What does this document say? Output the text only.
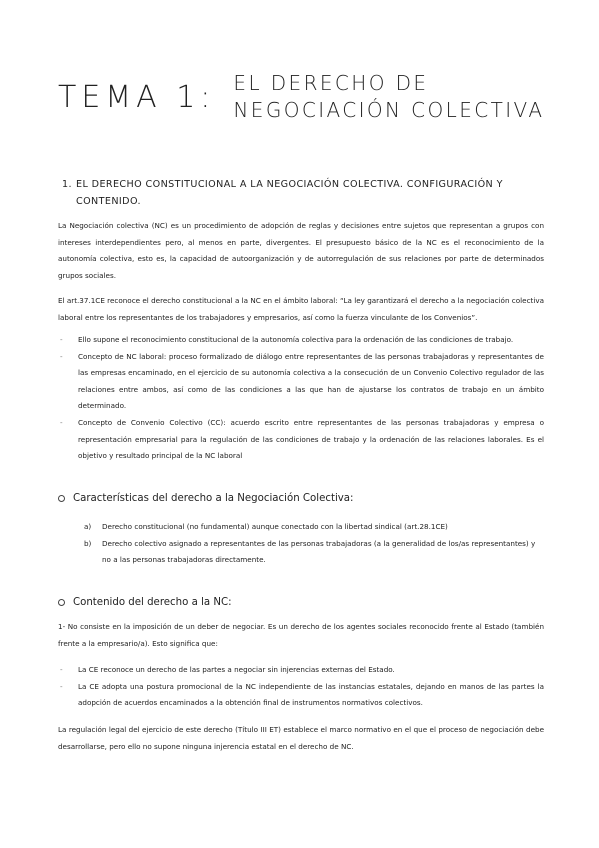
TEMA 1: EL DERECHO DE
NEGOCIACIÓN COLECTIVA
1. EL DERECHO CONSTITUCIONAL A LA NEGOCIACIÓN COLECTIVA. CONFIGURACIÓN Y
CONTENIDO.
La Negociación colectiva (NC) es un procedimiento de adopción de reglas y decisiones entre sujetos que representan a grupos con intereses interdependientes pero, al menos en parte, divergentes. El presupuesto básico de la NC es el reconocimiento de la autonomía colectiva, esto es, la capacidad de autoorganización y de autorregulación de sus relaciones por parte de determinados grupos sociales.
El art.37.1CE reconoce el derecho constitucional a la NC en el ámbito laboral: “La ley garantizará el derecho a la negociación colectiva laboral entre los representantes de los trabajadores y empresarios, así como la fuerza vinculante de los Convenios”.
- Ello supone el reconocimiento constitucional de la autonomía colectiva para la ordenación de las condiciones de trabajo.
- Concepto de NC laboral: proceso formalizado de diálogo entre representantes de las personas trabajadoras y representantes de las empresas encaminado, en el ejercicio de su autonomía colectiva a la consecución de un Convenio Colectivo regulador de las relaciones entre ambos, así como de las condiciones a las que han de ajustarse los contratos de trabajo en un ámbito determinado.
- Concepto de Convenio Colectivo (CC): acuerdo escrito entre representantes de las personas trabajadoras y empresa o representación empresarial para la regulación de las condiciones de trabajo y la ordenación de las relaciones laborales. Es el objetivo y resultado principal de la NC laboral
Características del derecho a la Negociación Colectiva:
a) Derecho constitucional (no fundamental) aunque conectado con la libertad sindical (art.28.1CE)
b) Derecho colectivo asignado a representantes de las personas trabajadoras (a la generalidad de los/as representantes) y no a las personas trabajadoras directamente.
Contenido del derecho a la NC:
1- No consiste en la imposición de un deber de negociar. Es un derecho de los agentes sociales reconocido frente al Estado (también frente a la empresario/a). Esto significa que:
- La CE reconoce un derecho de las partes a negociar sin injerencias externas del Estado.
- La CE adopta una postura promocional de la NC independiente de las instancias estatales, dejando en manos de las partes la adopción de acuerdos encaminados a la obtención final de instrumentos normativos colectivos.
La regulación legal del ejercicio de este derecho (Título III ET) establece el marco normativo en el que el proceso de negociación debe desarrollarse, pero ello no supone ninguna injerencia estatal en el derecho de NC.
